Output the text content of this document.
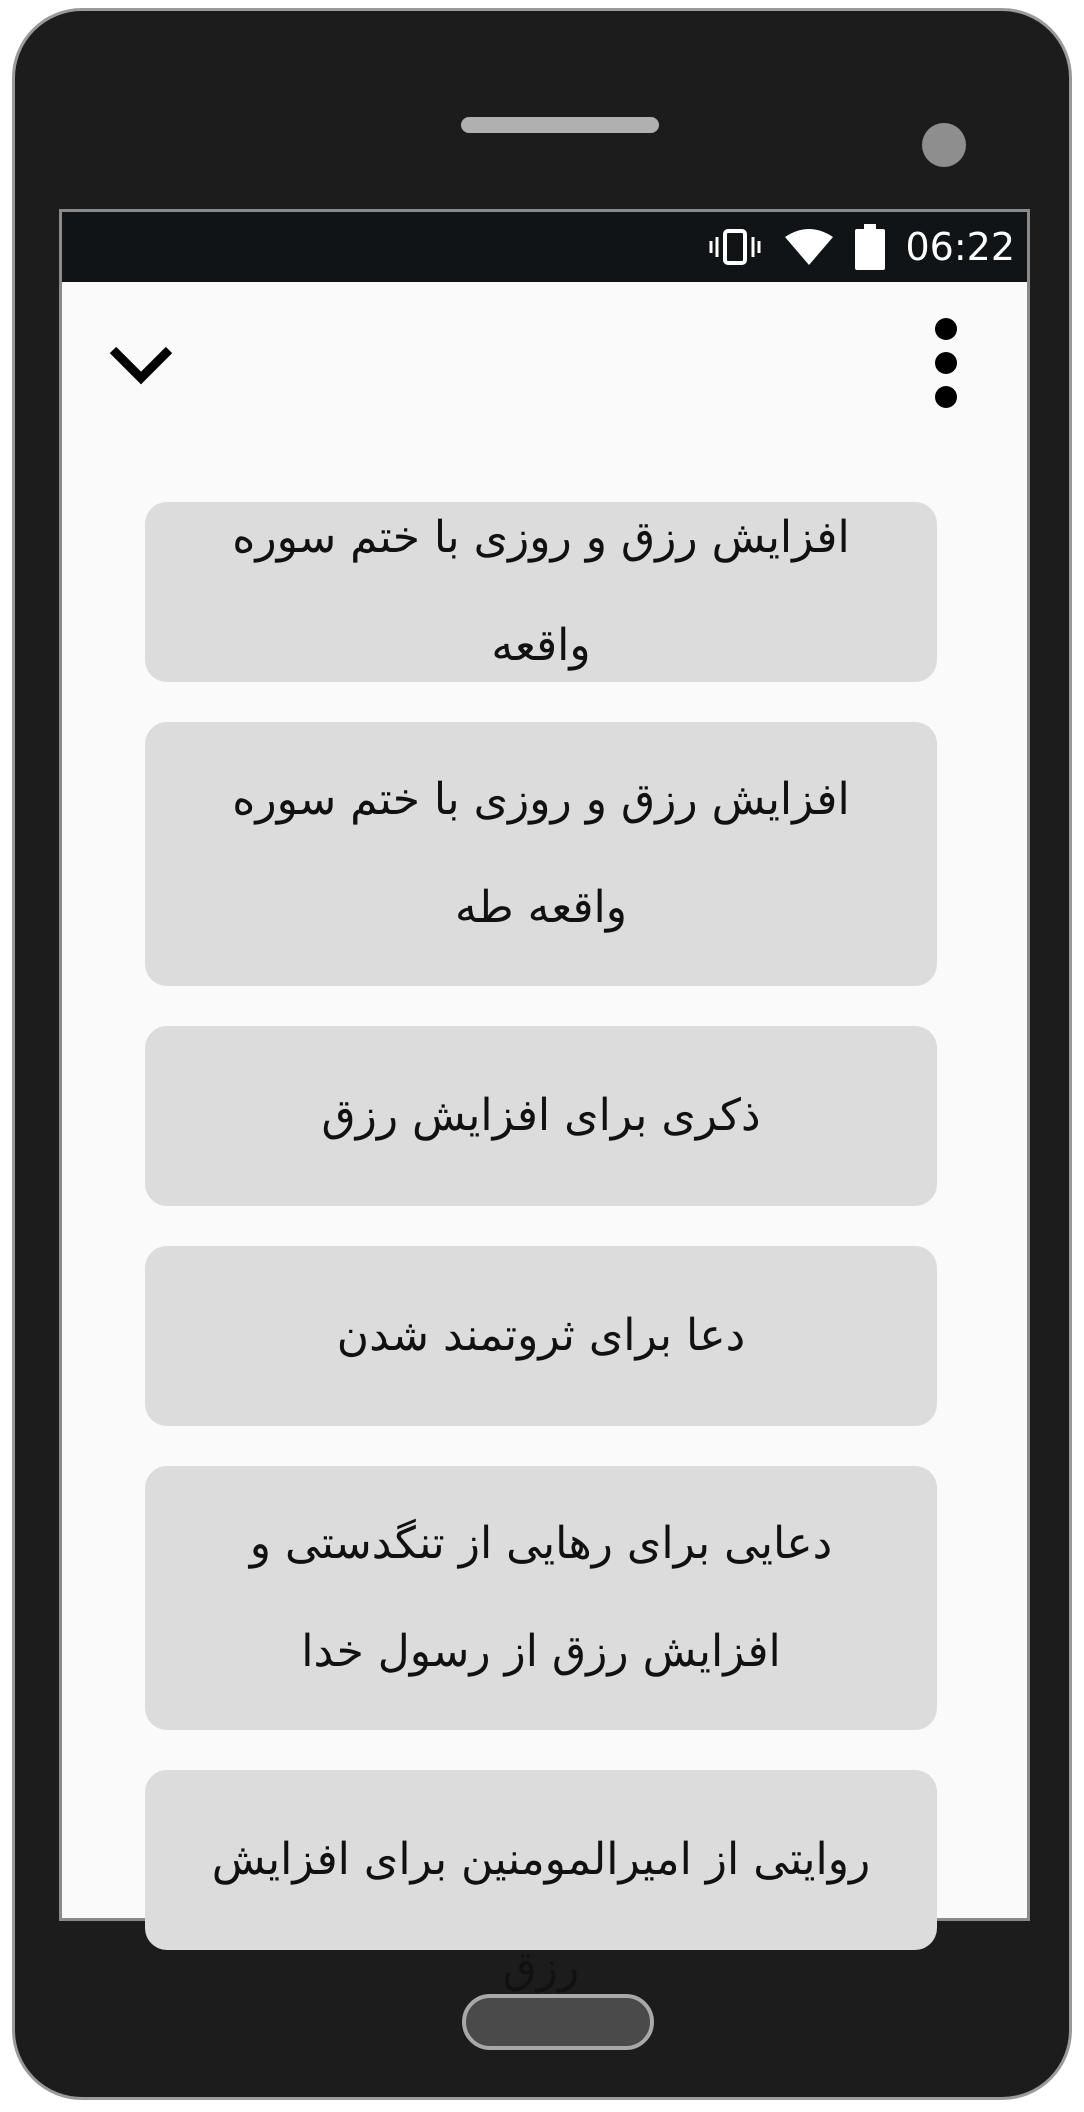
06:22
افزایش رزق و روزی با ختم سوره واقعه
افزایش رزق و روزی با ختم سوره واقعه طه
ذکری برای افزایش رزق
دعا برای ثروتمند شدن
دعایی برای رهایی از تنگدستی و افزایش رزق از رسول خدا
روایتی از امیرالمومنین برای افزایش رزق
